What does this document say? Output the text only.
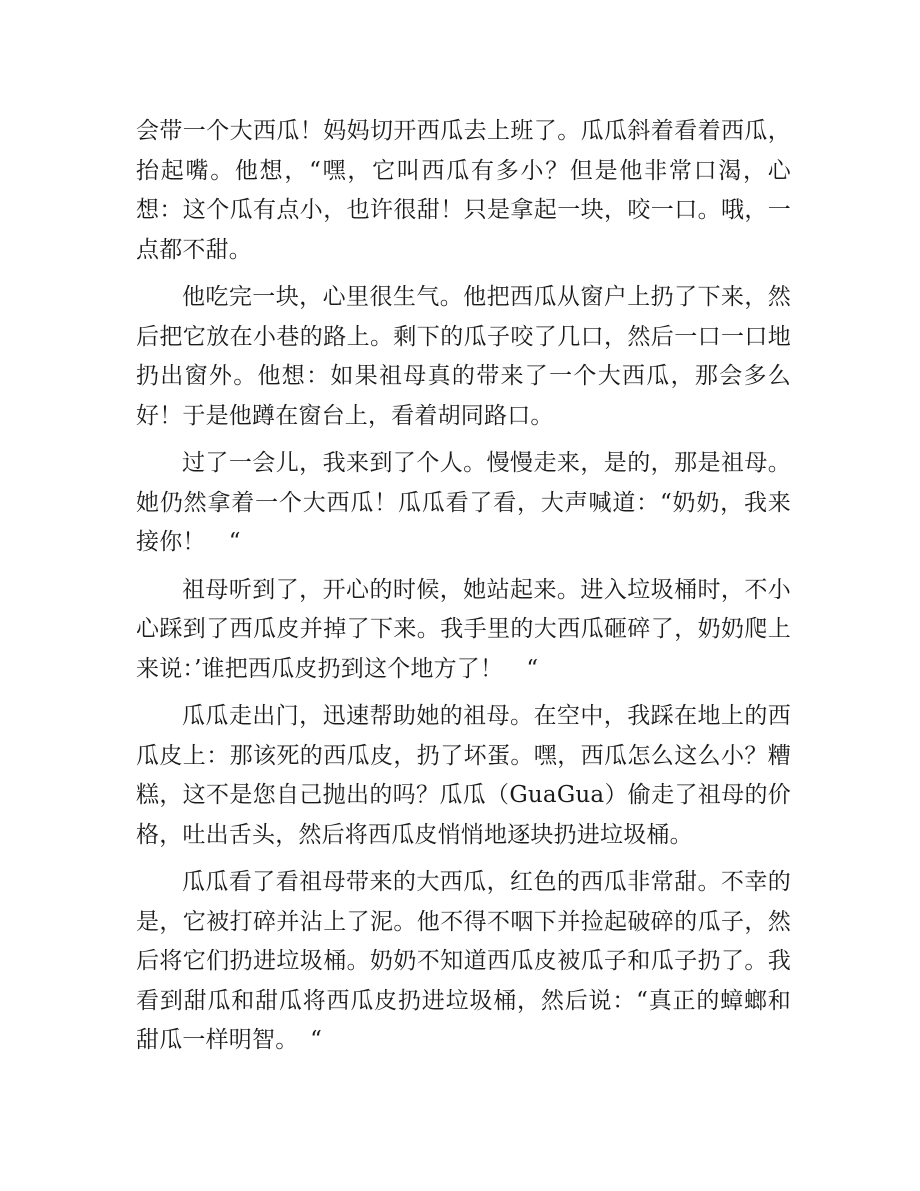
会带一个大西瓜！妈妈切开西瓜去上班了。瓜瓜斜着看着西瓜，抬起嘴。他想，“嘿，它叫西瓜有多小？但是他非常口渴，心想：这个瓜有点小，也许很甜！只是拿起一块，咬一口。哦，一点都不甜。

他吃完一块，心里很生气。他把西瓜从窗户上扔了下来，然后把它放在小巷的路上。剩下的瓜子咬了几口，然后一口一口地扔出窗外。他想：如果祖母真的带来了一个大西瓜，那会多么好！于是他蹲在窗台上，看着胡同路口。

过了一会儿，我来到了个人。慢慢走来，是的，那是祖母。她仍然拿着一个大西瓜！瓜瓜看了看，大声喊道：“奶奶，我来接你！　“

祖母听到了，开心的时候，她站起来。进入垃圾桶时，不小心踩到了西瓜皮并掉了下来。我手里的大西瓜砸碎了，奶奶爬上来说：’谁把西瓜皮扔到这个地方了！　“

瓜瓜走出门，迅速帮助她的祖母。在空中，我踩在地上的西瓜皮上：那该死的西瓜皮，扔了坏蛋。嘿，西瓜怎么这么小？糟糕，这不是您自己抛出的吗？瓜瓜（GuaGua）偷走了祖母的价格，吐出舌头，然后将西瓜皮悄悄地逐块扔进垃圾桶。

瓜瓜看了看祖母带来的大西瓜，红色的西瓜非常甜。不幸的是，它被打碎并沾上了泥。他不得不咽下并捡起破碎的瓜子，然后将它们扔进垃圾桶。奶奶不知道西瓜皮被瓜子和瓜子扔了。我看到甜瓜和甜瓜将西瓜皮扔进垃圾桶，然后说：“真正的蟑螂和甜瓜一样明智。　“
